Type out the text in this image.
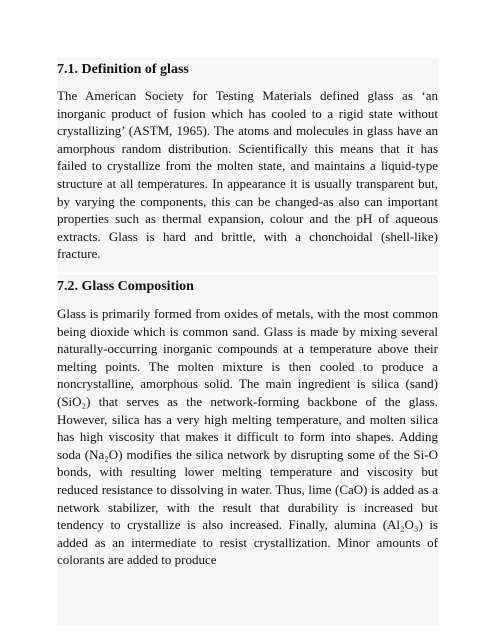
7.1. Definition of glass

The American Society for Testing Materials defined glass as ‘an inorganic product of fusion which has cooled to a rigid state without crystallizing’ (ASTM, 1965). The atoms and molecules in glass have an amorphous random distribution. Scientifically this means that it has failed to crystallize from the molten state, and maintains a liquid-type structure at all temperatures. In appearance it is usually transparent but, by varying the components, this can be changed-as also can important properties such as thermal expansion, colour and the pH of aqueous extracts. Glass is hard and brittle, with a chonchoidal (shell-like) fracture.

7.2. Glass Composition

Glass is primarily formed from oxides of metals, with the most common being dioxide which is common sand. Glass is made by mixing several naturally-occurring inorganic compounds at a temperature above their melting points. The molten mixture is then cooled to produce a noncrystalline, amorphous solid. The main ingredient is silica (sand) (SiO₂) that serves as the network-forming backbone of the glass. However, silica has a very high melting temperature, and molten silica has high viscosity that makes it difficult to form into shapes. Adding soda (Na₂O) modifies the silica network by disrupting some of the Si-O bonds, with resulting lower melting temperature and viscosity but reduced resistance to dissolving in water. Thus, lime (CaO) is added as a network stabilizer, with the result that durability is increased but tendency to crystallize is also increased. Finally, alumina (Al₂O₃) is added as an intermediate to resist crystallization. Minor amounts of colorants are added to produce
